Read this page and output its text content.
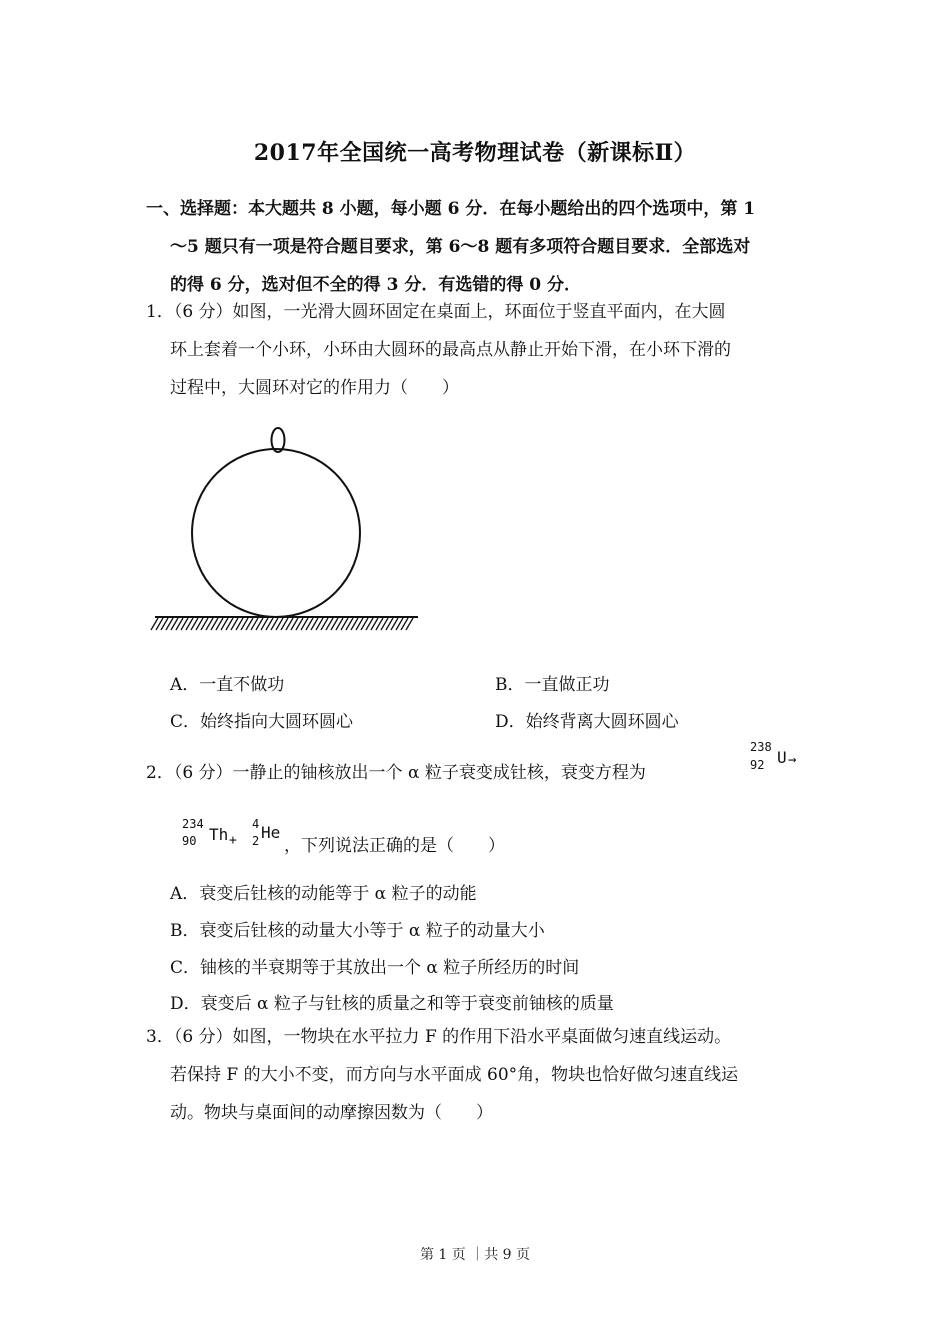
2017年全国统一高考物理试卷（新课标Ⅱ）
一、选择题：本大题共 8 小题，每小题 6 分．在每小题给出的四个选项中，第 1
～5 题只有一项是符合题目要求，第 6～8 题有多项符合题目要求．全部选对
的得 6 分，选对但不全的得 3 分．有选错的得 0 分．
1．（6 分）如图，一光滑大圆环固定在桌面上，环面位于竖直平面内，在大圆
环上套着一个小环，小环由大圆环的最高点从静止开始下滑，在小环下滑的
过程中，大圆环对它的作用力（　　）
A．一直不做功	B．一直做正功
C．始终指向大圆环圆心	D．始终背离大圆环圆心
2．（6 分）一静止的铀核放出一个 α 粒子衰变成钍核，衰变方程为
238
92 U →
234
90 Th +
4
2 He
，下列说法正确的是（　　）
A．衰变后钍核的动能等于 α 粒子的动能
B．衰变后钍核的动量大小等于 α 粒子的动量大小
C．铀核的半衰期等于其放出一个 α 粒子所经历的时间
D．衰变后 α 粒子与钍核的质量之和等于衰变前铀核的质量
3．（6 分）如图，一物块在水平拉力 F 的作用下沿水平桌面做匀速直线运动。
若保持 F 的大小不变，而方向与水平面成 60°角，物块也恰好做匀速直线运
动。物块与桌面间的动摩擦因数为（　　）
第 1 页 ｜共 9 页
